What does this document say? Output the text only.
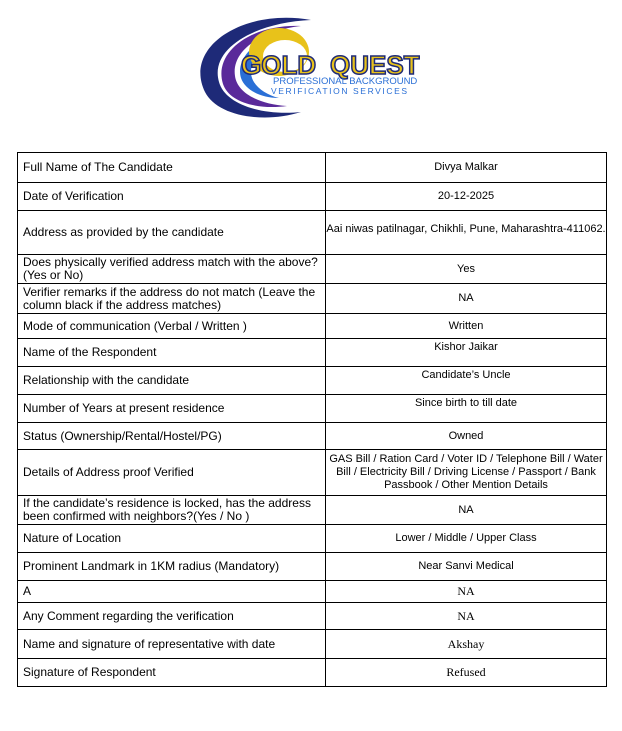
GOLD QUEST
PROFESSIONAL BACKGROUND
VERIFICATION SERVICES
Full Name of The Candidate	Divya Malkar
Date of Verification	20-12-2025
Address as provided by the candidate	Aai niwas patilnagar, Chikhli, Pune, Maharashtra-411062.
Does physically verified address match with the above? (Yes or No)	Yes
Verifier remarks if the address do not match (Leave the column black if the address matches)	NA
Mode of communication (Verbal / Written )	Written
Name of the Respondent	Kishor Jaikar
Relationship with the candidate	Candidate’s Uncle
Number of Years at present residence	Since birth to till date
Status (Ownership/Rental/Hostel/PG)	Owned
Details of Address proof Verified	GAS Bill / Ration Card / Voter ID / Telephone Bill / Water Bill / Electricity Bill / Driving License / Passport / Bank Passbook / Other Mention Details
If the candidate’s residence is locked, has the address been confirmed with neighbors?(Yes / No )	NA
Nature of Location	Lower / Middle / Upper Class
Prominent Landmark in 1KM radius (Mandatory)	Near Sanvi Medical
A	NA
Any Comment regarding the verification	NA
Name and signature of representative with date	Akshay
Signature of Respondent	Refused
